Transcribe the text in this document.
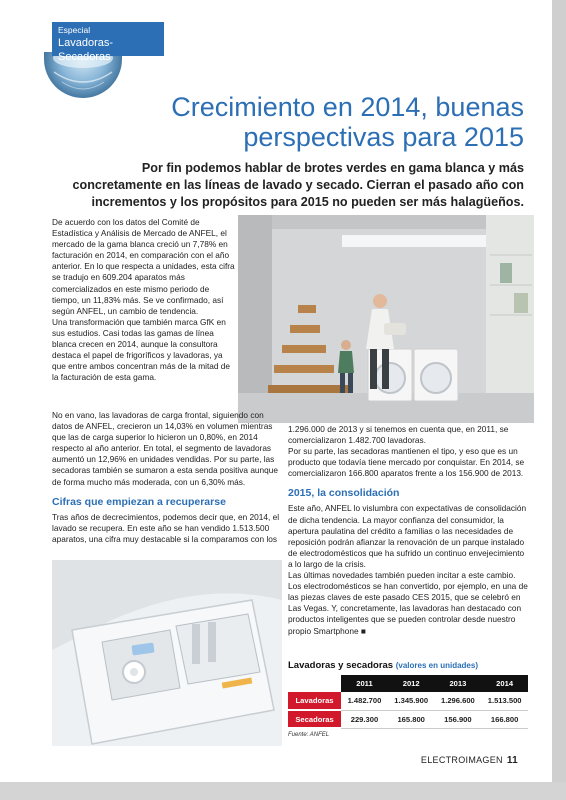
Especial
Lavadoras-Secadoras
Crecimiento en 2014, buenas perspectivas para 2015

Por fin podemos hablar de brotes verdes en gama blanca y más concretamente en las líneas de lavado y secado. Cierran el pasado año con incrementos y los propósitos para 2015 no pueden ser más halagüeños.

De acuerdo con los datos del Comité de Estadística y Análisis de Mercado de ANFEL, el mercado de la gama blanca creció un 7,78% en facturación en 2014, en comparación con el año anterior. En lo que respecta a unidades, esta cifra se tradujo en 609.204 aparatos más comercializados en este mismo periodo de tiempo, un 11,83% más. Se ve confirmado, así según ANFEL, un cambio de tendencia.

Una transformación que también marca GfK en sus estudios. Casi todas las gamas de línea blanca crecen en 2014, aunque la consultora destaca el papel de frigoríficos y lavadoras, ya que entre ambos concentran más de la mitad de la facturación de esta gama.

No en vano, las lavadoras de carga frontal, siguiendo con datos de ANFEL, crecieron un 14,03% en volumen mientras que las de carga superior lo hicieron un 0,80%, en 2014 respecto al año anterior. En total, el segmento de lavadoras aumentó un 12,96% en unidades vendidas. Por su parte, las secadoras también se sumaron a esta senda positiva aunque de forma mucho más moderada, con un 6,30% más.

Cifras que empiezan a recuperarse

Tras años de decrecimientos, podemos decir que, en 2014, el lavado se recupera. En este año se han vendido 1.513.500 aparatos, una cifra muy destacable si la comparamos con los

1.296.000 de 2013 y si tenemos en cuenta que, en 2011, se comercializaron 1.482.700 lavadoras.

Por su parte, las secadoras mantienen el tipo, y eso que es un producto que todavía tiene mercado por conquistar. En 2014, se comercializaron 166.800 aparatos frente a los 156.900 de 2013.

2015, la consolidación

Este año, ANFEL lo vislumbra con expectativas de consolidación de dicha tendencia. La mayor confianza del consumidor, la apertura paulatina del crédito a familias o las necesidades de reposición podrán afianzar la renovación de un parque instalado de electrodomésticos que ha sufrido un continuo envejecimiento a lo largo de la crisis.

Las últimas novedades también pueden incitar a este cambio. Los electrodomésticos se han convertido, por ejemplo, en una de las piezas claves de este pasado CES 2015, que se celebró en Las Vegas. Y, concretamente, las lavadoras han destacado con productos inteligentes que se pueden controlar desde nuestro propio Smartphone ■

Lavadoras y secadoras (valores en unidades)
	2011	2012	2013	2014
Lavadoras	1.482.700	1.345.900	1.296.600	1.513.500
Secadoras	229.300	165.800	156.900	166.800
Fuente: ANFEL
ELECTROIMAGEN 11
